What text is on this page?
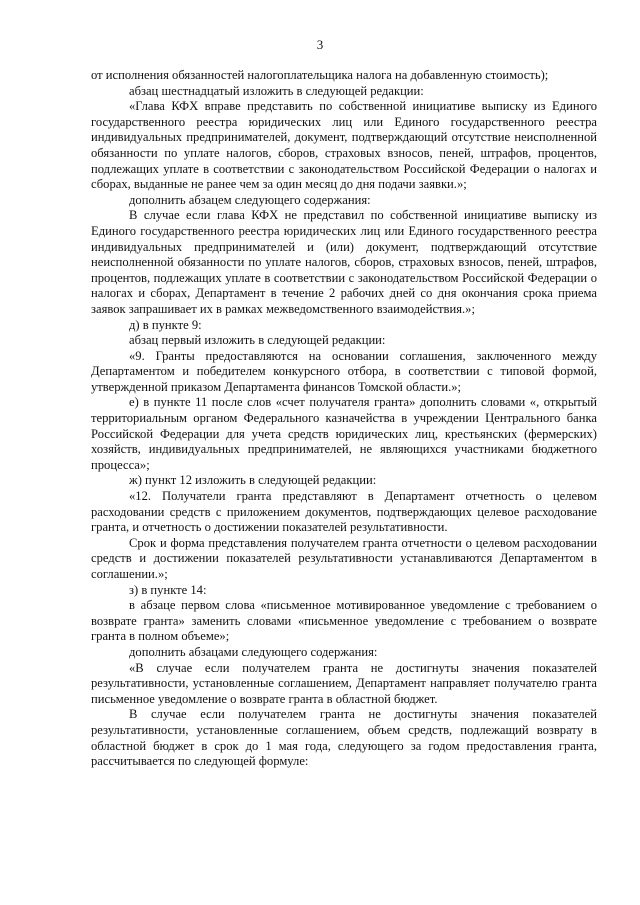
3

от исполнения обязанностей налогоплательщика налога на добавленную стоимость);

абзац шестнадцатый изложить в следующей редакции:

«Глава КФХ вправе представить по собственной инициативе выписку из Единого государственного реестра юридических лиц или Единого государственного реестра индивидуальных предпринимателей, документ, подтверждающий отсутствие неисполненной обязанности по уплате налогов, сборов, страховых взносов, пеней, штрафов, процентов, подлежащих уплате в соответствии с законодательством Российской Федерации о налогах и сборах, выданные не ранее чем за один месяц до дня подачи заявки.»;

дополнить абзацем следующего содержания:

В случае если глава КФХ не представил по собственной инициативе выписку из Единого государственного реестра юридических лиц или Единого государственного реестра индивидуальных предпринимателей и (или) документ, подтверждающий отсутствие неисполненной обязанности по уплате налогов, сборов, страховых взносов, пеней, штрафов, процентов, подлежащих уплате в соответствии с законодательством Российской Федерации о налогах и сборах, Департамент в течение 2 рабочих дней со дня окончания срока приема заявок запрашивает их в рамках межведомственного взаимодействия.»;

д) в пункте 9:

абзац первый изложить в следующей редакции:

«9. Гранты предоставляются на основании соглашения, заключенного между Департаментом и победителем конкурсного отбора, в соответствии с типовой формой, утвержденной приказом Департамента финансов Томской области.»;

е) в пункте 11 после слов «счет получателя гранта» дополнить словами «, открытый территориальным органом Федерального казначейства в учреждении Центрального банка Российской Федерации для учета средств юридических лиц, крестьянских (фермерских) хозяйств, индивидуальных предпринимателей, не являющихся участниками бюджетного процесса»;

ж) пункт 12 изложить в следующей редакции:

«12. Получатели гранта представляют в Департамент отчетность о целевом расходовании средств с приложением документов, подтверждающих целевое расходование гранта, и отчетность о достижении показателей результативности.

Срок и форма представления получателем гранта отчетности о целевом расходовании средств и достижении показателей результативности устанавливаются Департаментом в соглашении.»;

з) в пункте 14:

в абзаце первом слова «письменное мотивированное уведомление с требованием о возврате гранта» заменить словами «письменное уведомление с требованием о возврате гранта в полном объеме»;

дополнить абзацами следующего содержания:

«В случае если получателем гранта не достигнуты значения показателей результативности, установленные соглашением, Департамент направляет получателю гранта письменное уведомление о возврате гранта в областной бюджет.

В случае если получателем гранта не достигнуты значения показателей результативности, установленные соглашением, объем средств, подлежащий возврату в областной бюджет в срок до 1 мая года, следующего за годом предоставления гранта, рассчитывается по следующей формуле:
